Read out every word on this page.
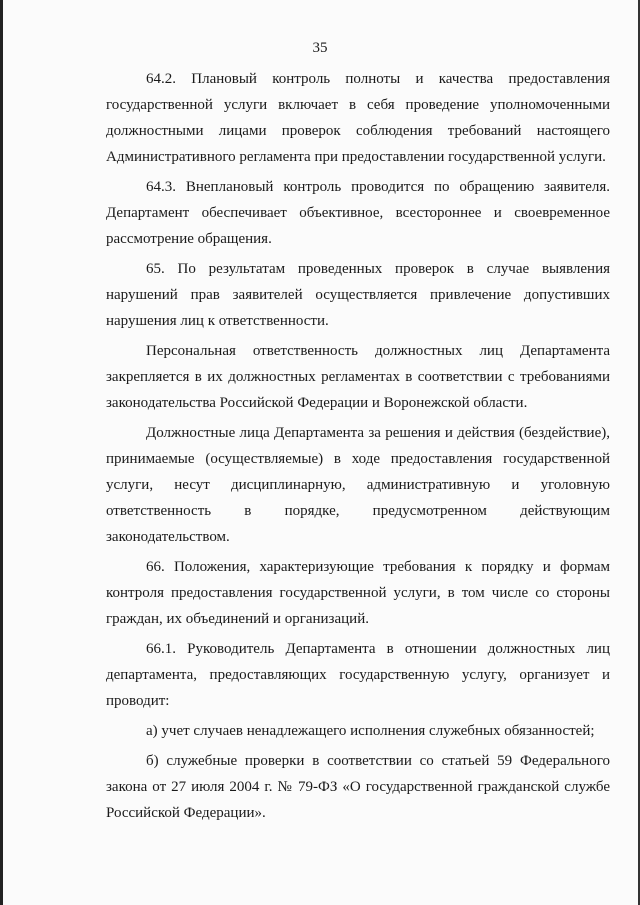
35

64.2. Плановый контроль полноты и качества предоставления государственной услуги включает в себя проведение уполномоченными должностными лицами проверок соблюдения требований настоящего Административного регламента при предоставлении государственной услуги.

64.3. Внеплановый контроль проводится по обращению заявителя. Департамент обеспечивает объективное, всестороннее и своевременное рассмотрение обращения.

65. По результатам проведенных проверок в случае выявления нарушений прав заявителей осуществляется привлечение допустивших нарушения лиц к ответственности.

Персональная ответственность должностных лиц Департамента закрепляется в их должностных регламентах в соответствии с требованиями законодательства Российской Федерации и Воронежской области.

Должностные лица Департамента за решения и действия (бездействие), принимаемые (осуществляемые) в ходе предоставления государственной услуги, несут дисциплинарную, административную и уголовную ответственность в порядке, предусмотренном действующим законодательством.

66. Положения, характеризующие требования к порядку и формам контроля предоставления государственной услуги, в том числе со стороны граждан, их объединений и организаций.

66.1. Руководитель Департамента в отношении должностных лиц департамента, предоставляющих государственную услугу, организует и проводит:

а) учет случаев ненадлежащего исполнения служебных обязанностей;

б) служебные проверки в соответствии со статьей 59 Федерального закона от 27 июля 2004 г. № 79-ФЗ «О государственной гражданской службе Российской Федерации».
